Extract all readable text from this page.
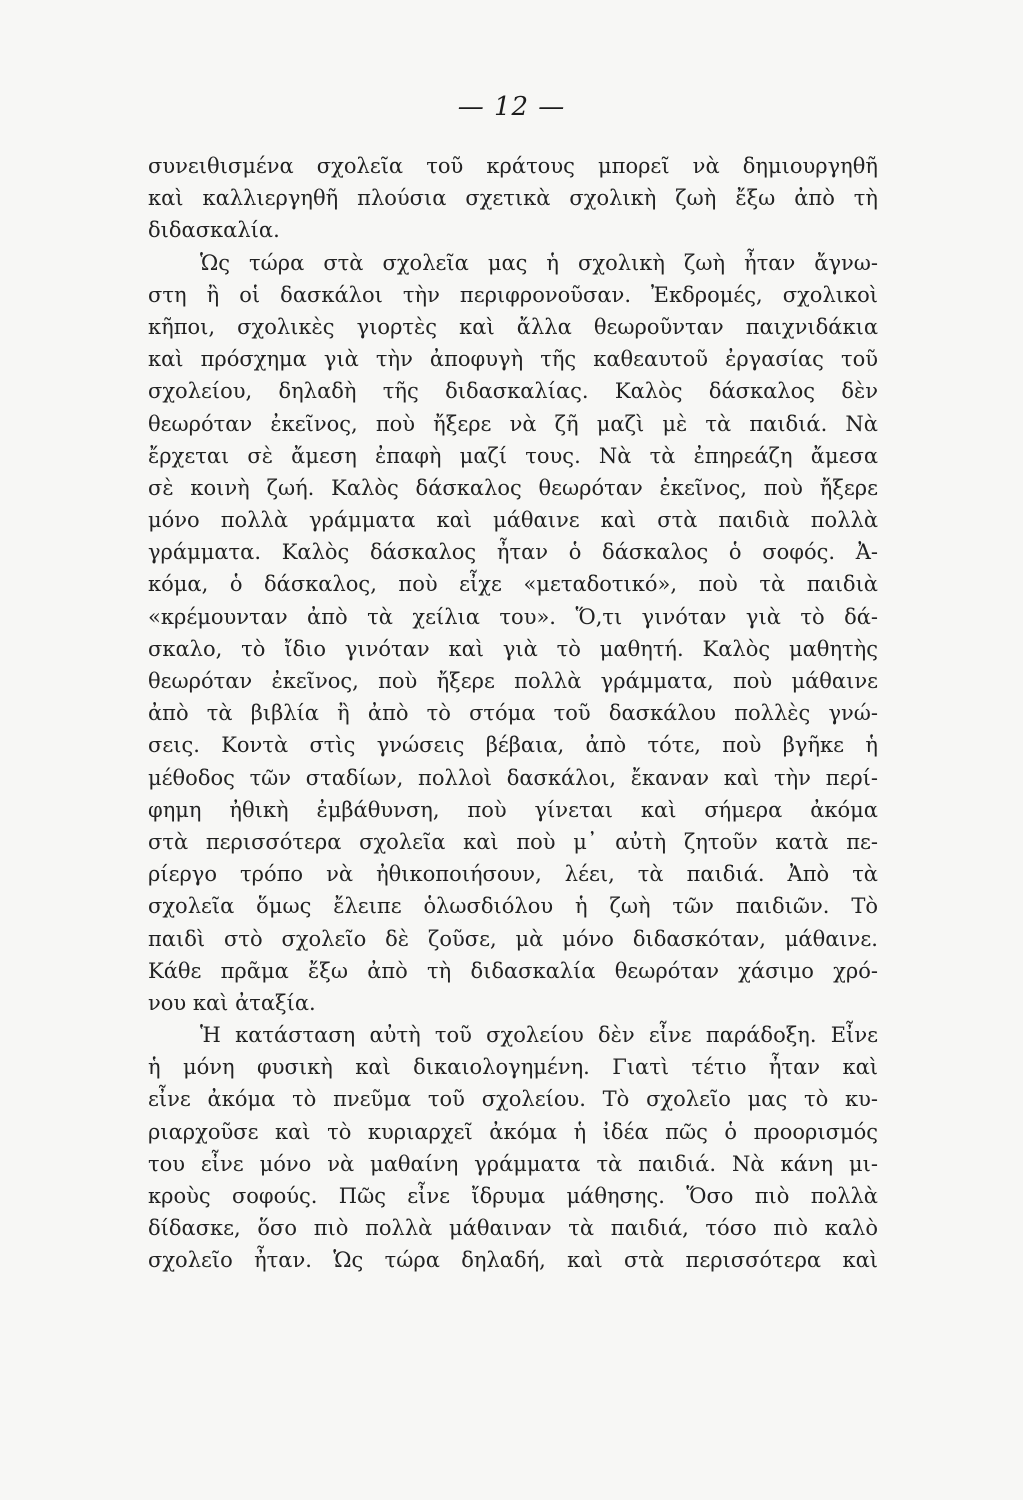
— 12 —
συνειθισμένα σχολεῖα τοῦ κράτους μπορεῖ νὰ δημιουργηθῆ
καὶ καλλιεργηθῆ πλούσια σχετικὰ σχολικὴ ζωὴ ἔξω ἀπὸ τὴ
διδασκαλία.
Ὡς τώρα στὰ σχολεῖα μας ἡ σχολικὴ ζωὴ ἦταν ἄγνω-
στη ἢ οἱ δασκάλοι τὴν περιφρονοῦσαν. Ἐκδρομές, σχολικοὶ
κῆποι, σχολικὲς γιορτὲς καὶ ἄλλα θεωροῦνταν παιχνιδάκια
καὶ πρόσχημα γιὰ τὴν ἀποφυγὴ τῆς καθεαυτοῦ ἐργασίας τοῦ
σχολείου, δηλαδὴ τῆς διδασκαλίας. Καλὸς δάσκαλος δὲν
θεωρόταν ἐκεῖνος, ποὺ ἤξερε νὰ ζῆ μαζὶ μὲ τὰ παιδιά. Νὰ
ἔρχεται σὲ ἄμεση ἐπαφὴ μαζί τους. Νὰ τὰ ἐπηρεάζη ἄμεσα
σὲ κοινὴ ζωή. Καλὸς δάσκαλος θεωρόταν ἐκεῖνος, ποὺ ἤξερε
μόνο πολλὰ γράμματα καὶ μάθαινε καὶ στὰ παιδιὰ πολλὰ
γράμματα. Καλὸς δάσκαλος ἦταν ὁ δάσκαλος ὁ σοφός. Ἀ-
κόμα, ὁ δάσκαλος, ποὺ εἶχε «μεταδοτικό», ποὺ τὰ παιδιὰ
«κρέμουνταν ἀπὸ τὰ χείλια του». Ὅ,τι γινόταν γιὰ τὸ δά-
σκαλο, τὸ ἴδιο γινόταν καὶ γιὰ τὸ μαθητή. Καλὸς μαθητὴς
θεωρόταν ἐκεῖνος, ποὺ ἤξερε πολλὰ γράμματα, ποὺ μάθαινε
ἀπὸ τὰ βιβλία ἢ ἀπὸ τὸ στόμα τοῦ δασκάλου πολλὲς γνώ-
σεις. Κοντὰ στὶς γνώσεις βέβαια, ἀπὸ τότε, ποὺ βγῆκε ἡ
μέθοδος τῶν σταδίων, πολλοὶ δασκάλοι, ἔκαναν καὶ τὴν περί-
φημη ἠθικὴ ἐμβάθυνση, ποὺ γίνεται καὶ σήμερα ἀκόμα
στὰ περισσότερα σχολεῖα καὶ ποὺ μ᾽ αὐτὴ ζητοῦν κατὰ πε-
ρίεργο τρόπο νὰ ἠθικοποιήσουν, λέει, τὰ παιδιά. Ἀπὸ τὰ
σχολεῖα ὅμως ἔλειπε ὁλωσδιόλου ἡ ζωὴ τῶν παιδιῶν. Τὸ
παιδὶ στὸ σχολεῖο δὲ ζοῦσε, μὰ μόνο διδασκόταν, μάθαινε.
Κάθε πρᾶμα ἔξω ἀπὸ τὴ διδασκαλία θεωρόταν χάσιμο χρό-
νου καὶ ἀταξία.
Ἡ κατάσταση αὐτὴ τοῦ σχολείου δὲν εἶνε παράδοξη. Εἶνε
ἡ μόνη φυσικὴ καὶ δικαιολογημένη. Γιατὶ τέτιο ἦταν καὶ
εἶνε ἀκόμα τὸ πνεῦμα τοῦ σχολείου. Τὸ σχολεῖο μας τὸ κυ-
ριαρχοῦσε καὶ τὸ κυριαρχεῖ ἀκόμα ἡ ἰδέα πῶς ὁ προορισμός
του εἶνε μόνο νὰ μαθαίνη γράμματα τὰ παιδιά. Νὰ κάνη μι-
κροὺς σοφούς. Πῶς εἶνε ἴδρυμα μάθησης. Ὅσο πιὸ πολλὰ
δίδασκε, ὅσο πιὸ πολλὰ μάθαιναν τὰ παιδιά, τόσο πιὸ καλὸ
σχολεῖο ἦταν. Ὡς τώρα δηλαδή, καὶ στὰ περισσότερα καὶ
